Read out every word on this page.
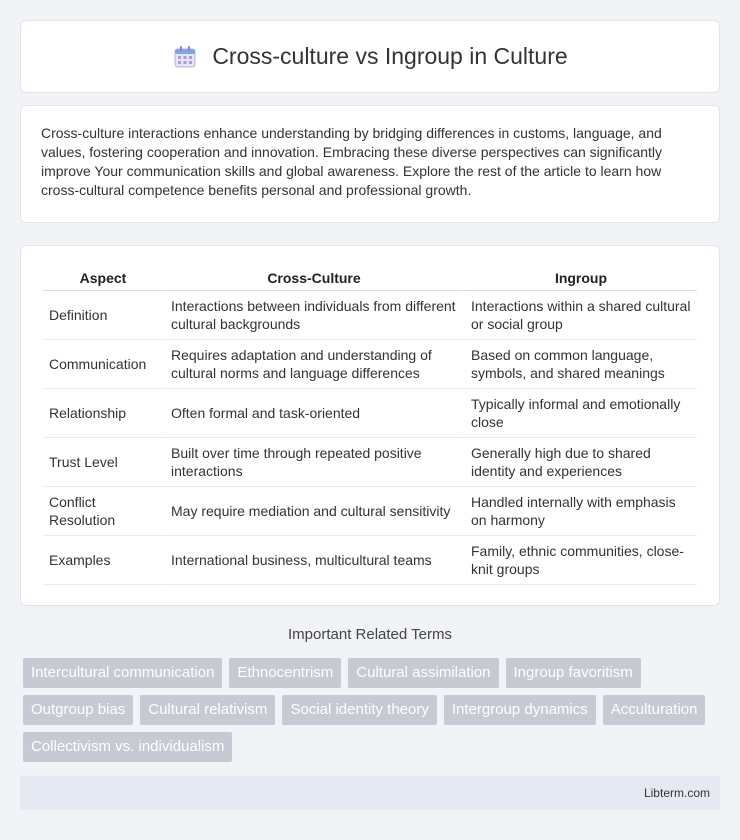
Cross-culture vs Ingroup in Culture

Cross-culture interactions enhance understanding by bridging differences in customs, language, and values, fostering cooperation and innovation. Embracing these diverse perspectives can significantly improve Your communication skills and global awareness. Explore the rest of the article to learn how cross-cultural competence benefits personal and professional growth.

Aspect	Cross-Culture	Ingroup
Definition	Interactions between individuals from different cultural backgrounds	Interactions within a shared cultural or social group
Communication	Requires adaptation and understanding of cultural norms and language differences	Based on common language, symbols, and shared meanings
Relationship	Often formal and task-oriented	Typically informal and emotionally close
Trust Level	Built over time through repeated positive interactions	Generally high due to shared identity and experiences
Conflict Resolution	May require mediation and cultural sensitivity	Handled internally with emphasis on harmony
Examples	International business, multicultural teams	Family, ethnic communities, close-knit groups
Important Related Terms
Intercultural communication	Ethnocentrism	Cultural assimilation	Ingroup favoritism
Outgroup bias	Cultural relativism	Social identity theory	Intergroup dynamics	Acculturation
Collectivism vs. individualism
Libterm.com
